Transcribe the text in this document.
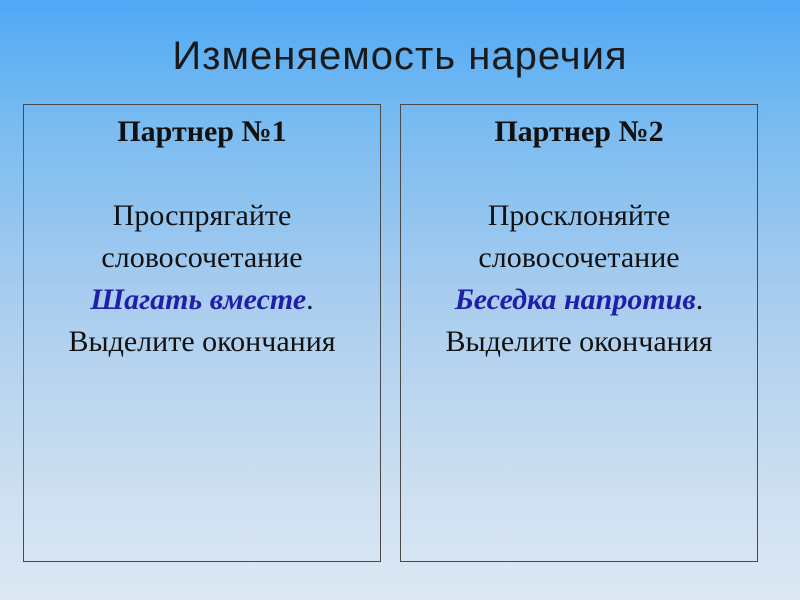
Изменяемость наречия
Партнер №1
Проспрягайте
словосочетание
Шагать вместе.
Выделите окончания
Партнер №2
Просклоняйте
словосочетание
Беседка напротив.
Выделите окончания
